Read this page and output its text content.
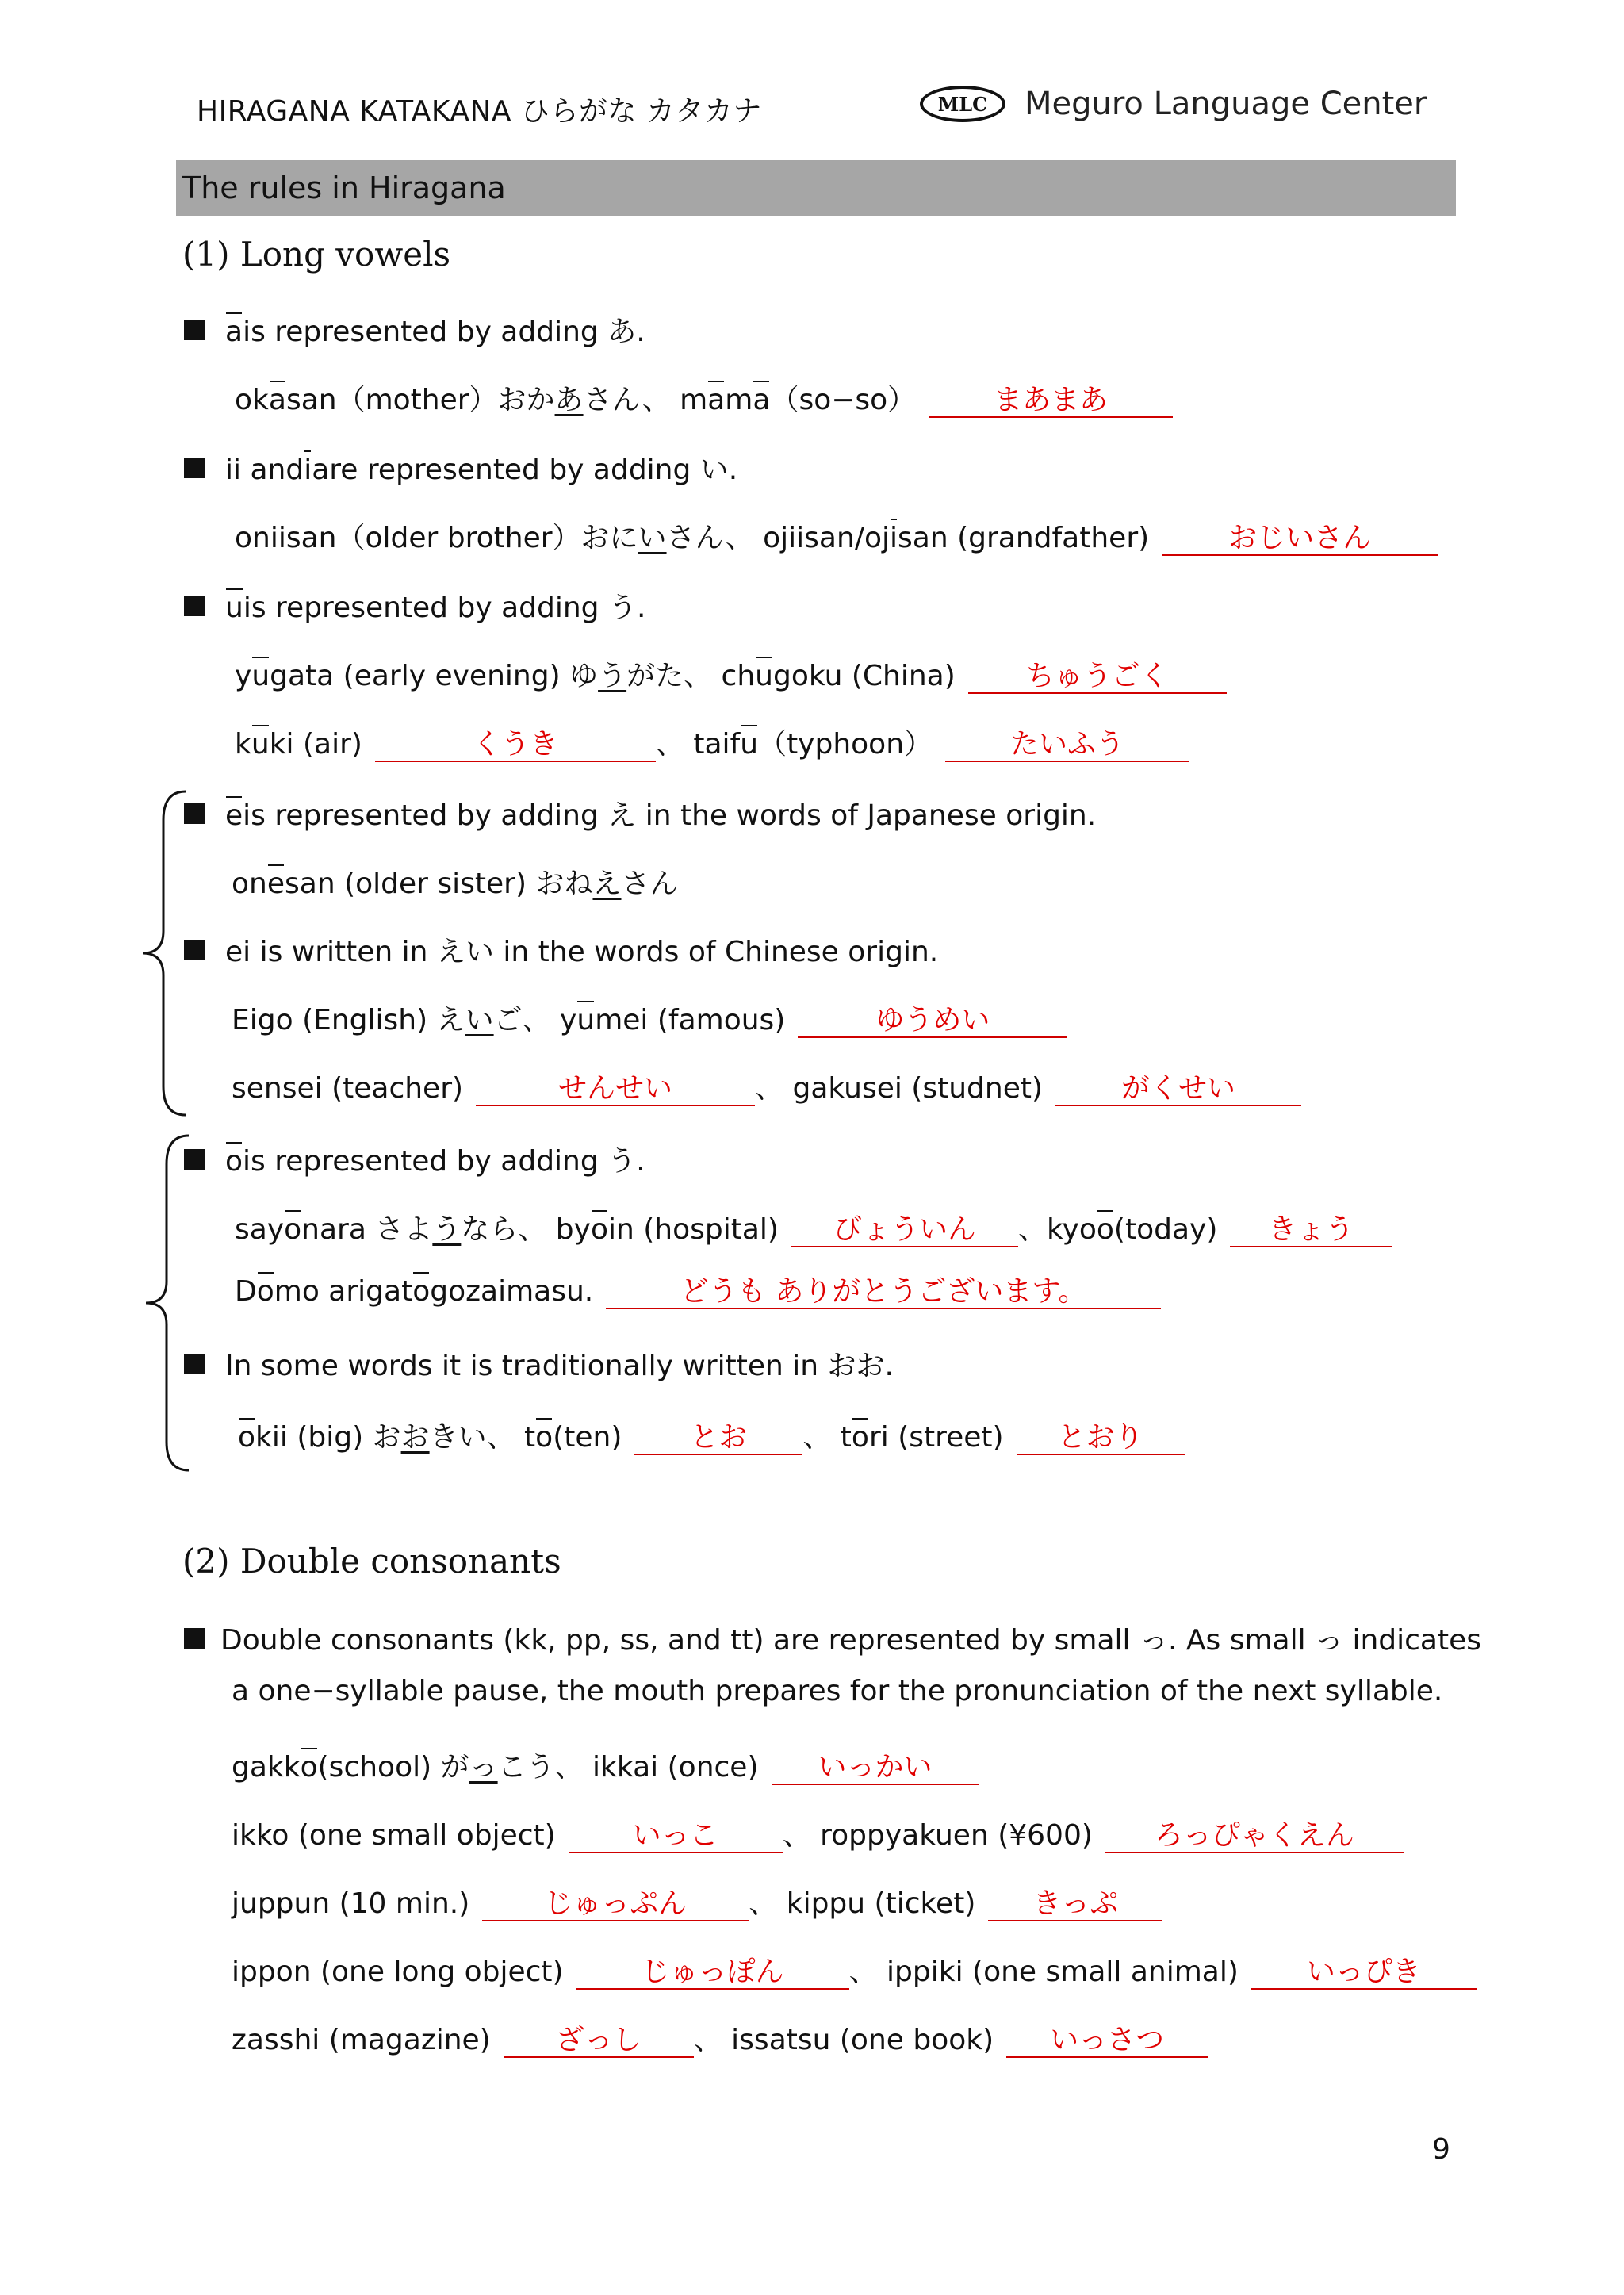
HIRAGANA KATAKANA ひらがな カタカナ	MLC	Meguro Language Center
The rules in Hiragana
(1) Long vowels
a is represented by adding あ.
ok a san（mother）おか あ さん、 m a m a （so−so）	まあまあ
ii and i are represented by adding い.
oniisan（older brother）おに い さん、 ojiisan/oj i san (grandfather)	おじいさん
u is represented by adding う.
y u gata (early evening) ゆ う がた、 ch u goku (China)	ちゅうごく
k u ki (air)	くうき	、 taif u （typhoon）	たいふう
e is represented by adding え in the words of Japanese origin.
on e san (older sister) おね え さん
ei is written in えい in the words of Chinese origin.
Eigo (English) え い ご、 y u mei (famous)	ゆうめい
sensei (teacher)	せんせい	、 gakusei (studnet)	がくせい
o is represented by adding う.
say o nara さよ う なら、 by o in (hospital)	びょういん	、kyo o (today)	きょう
D o mo arigat o gozaimasu.	どうも ありがとうございます。
In some words it is traditionally written in おお.
o kii (big) お お きい、 t o (ten)	とお	、 t o ri (street)	とおり
(2) Double consonants
Double consonants (kk, pp, ss, and tt) are represented by small っ. As small っ indicates
a one−syllable pause, the mouth prepares for the pronunciation of the next syllable.
gakk o (school) が っ こう、 ikkai (once)	いっかい
ikko (one small object)	いっこ	、 roppyakuen (¥600)	ろっぴゃくえん
juppun (10 min.)	じゅっぷん	、 kippu (ticket)	きっぷ
ippon (one long object)	じゅっぽん	、 ippiki (one small animal)	いっぴき
zasshi (magazine)	ざっし	、 issatsu (one book)	いっさつ
9
